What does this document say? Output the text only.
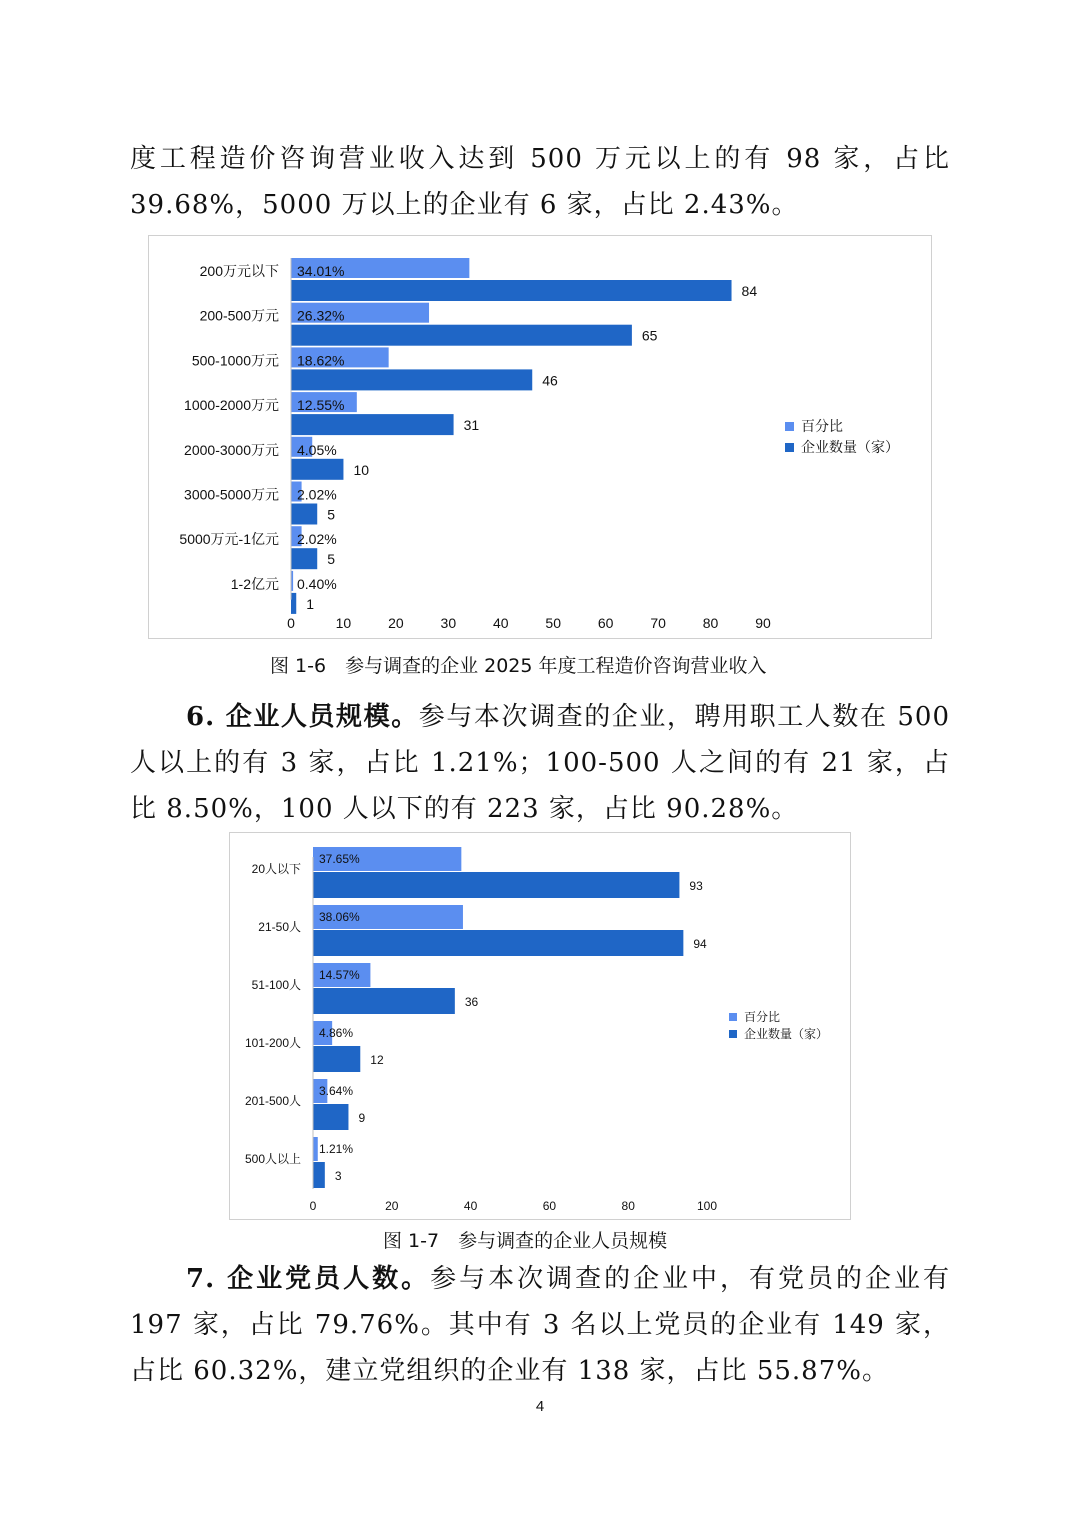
度工程造价咨询营业收入达到 500 万元以上的有 98 家，占比

39.68%，5000 万以上的企业有 6 家，占比 2.43%。

200万元以下 34.01%
84
200-500万元 26.32%
65
500-1000万元 18.62%
46
1000-2000万元 12.55%
31
2000-3000万元 4.05%
10
3000-5000万元 2.02%
5
5000万元-1亿元 2.02%
5
1-2亿元 0.40%
1
0	10	20	30	40	50	60	70	80	90
百分比
企业数量（家）
图 1-6　参与调查的企业 2025 年度工程造价咨询营业收入

6. 企业人员规模。参与本次调查的企业，聘用职工人数在 500 人以上的有 3 家，占比 1.21%；100-500 人之间的有 21 家，占比 8.50%，100 人以下的有 223 家，占比 90.28%。

20人以下
37.65%
93
21-50人
38.06%
94
51-100人
14.57%
36
101-200人
4.86%
12
201-500人
3.64%
9
500人以上
1.21%
3
0	20	40	60	80	100
百分比
企业数量（家）
图 1-7　参与调查的企业人员规模

7. 企业党员人数。参与本次调查的企业中，有党员的企业有 197 家，占比 79.76%。其中有 3 名以上党员的企业有 149 家，占比 60.32%，建立党组织的企业有 138 家，占比 55.87%。

4
